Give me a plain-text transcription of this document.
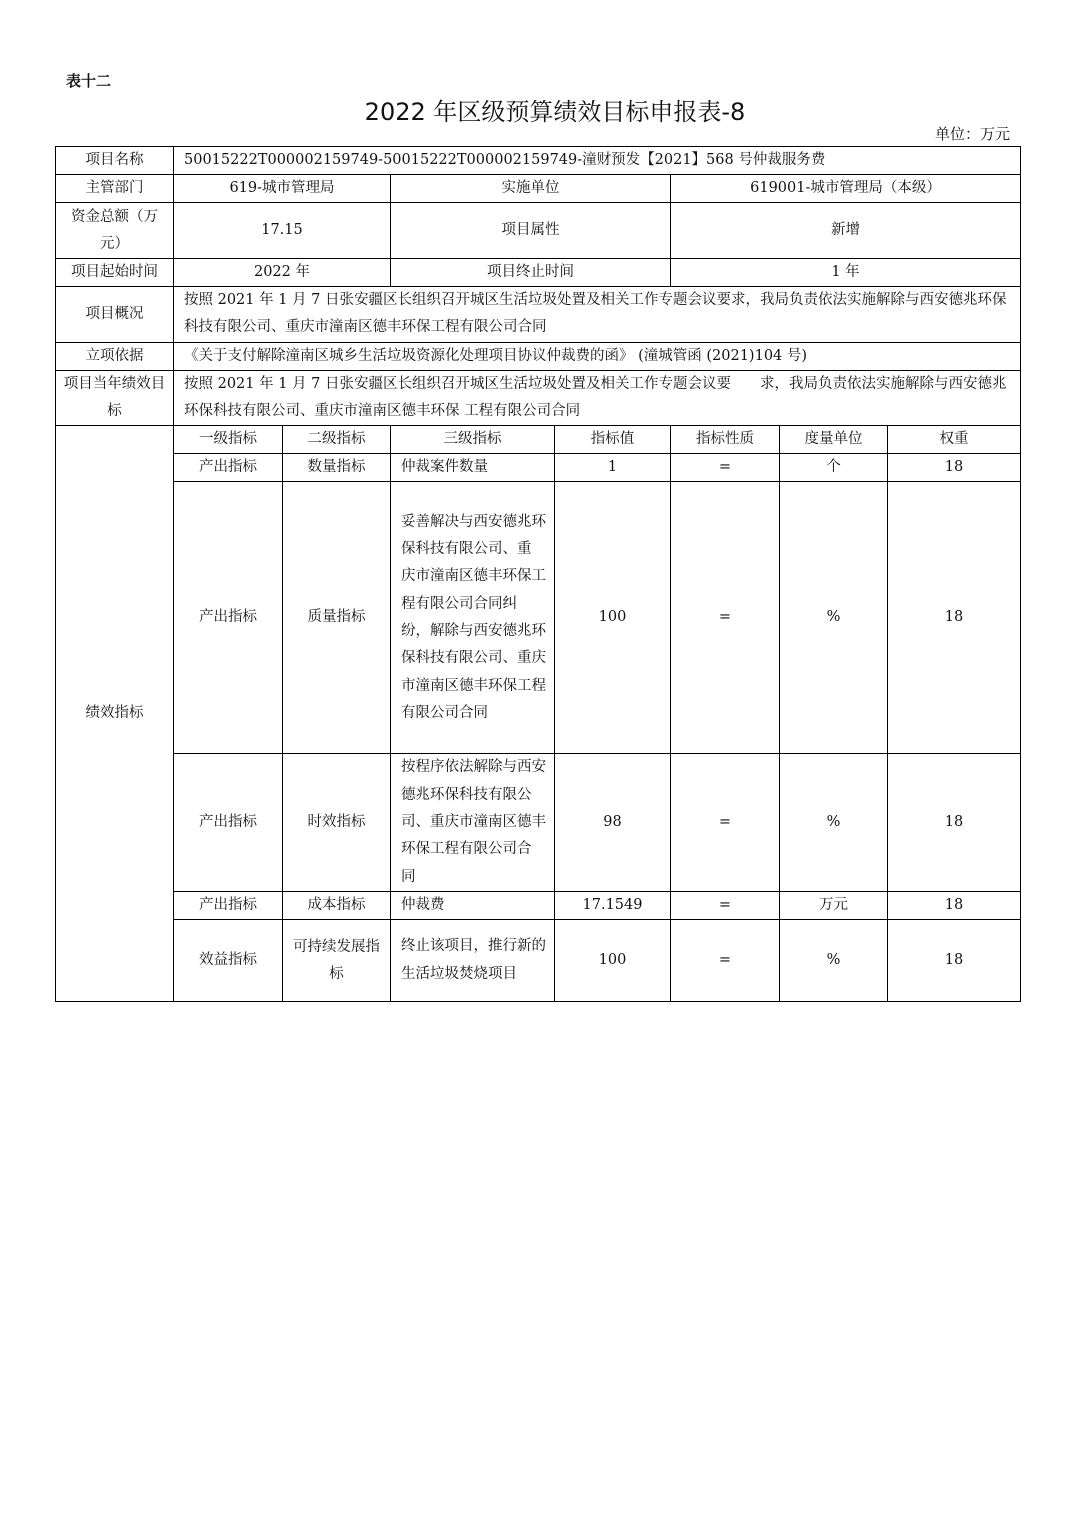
表十二
2022 年区级预算绩效目标申报表-8
单位：万元
项目名称	50015222T000002159749-50015222T000002159749-潼财预发【2021】568 号仲裁服务费						
主管部门	619-城市管理局		实施单位		619001-城市管理局（本级）		
资金总额（万元）	17.15		项目属性		新增		
项目起始时间	2022 年		项目终止时间		1 年		
项目概况	按照 2021 年 1 月 7 日张安疆区长组织召开城区生活垃圾处置及相关工作专题会议要求，我局负责依法实施解除与西安德兆环保科技有限公司、重庆市潼南区德丰环保工程有限公司合同						
立项依据	《关于支付解除潼南区城乡生活垃圾资源化处理项目协议仲裁费的函》 (潼城管函 (2021)104 号)						
项目当年绩效目标	按照 2021 年 1 月 7 日张安疆区长组织召开城区生活垃圾处置及相关工作专题会议要　　求，我局负责依法实施解除与西安德兆环保科技有限公司、重庆市潼南区德丰环保 工程有限公司合同						
绩效指标	一级指标	二级指标	三级指标	指标值	指标性质	度量单位	权重
	产出指标	数量指标	仲裁案件数量	1	=	个	18
	产出指标	质量指标	妥善解决与西安德兆环保科技有限公司、重 庆市潼南区德丰环保工程有限公司合同纠　纷，解除与西安德兆环保科技有限公司、重庆市潼南区德丰环保工程有限公司合同	100	=	%	18
	产出指标	时效指标	按程序依法解除与西安德兆环保科技有限公 司、重庆市潼南区德丰环保工程有限公司合 同	98	=	%	18
	产出指标	成本指标	仲裁费	17.1549	=	万元	18
	效益指标	可持续发展指标	终止该项目，推行新的生活垃圾焚烧项目	100	=	%	18
